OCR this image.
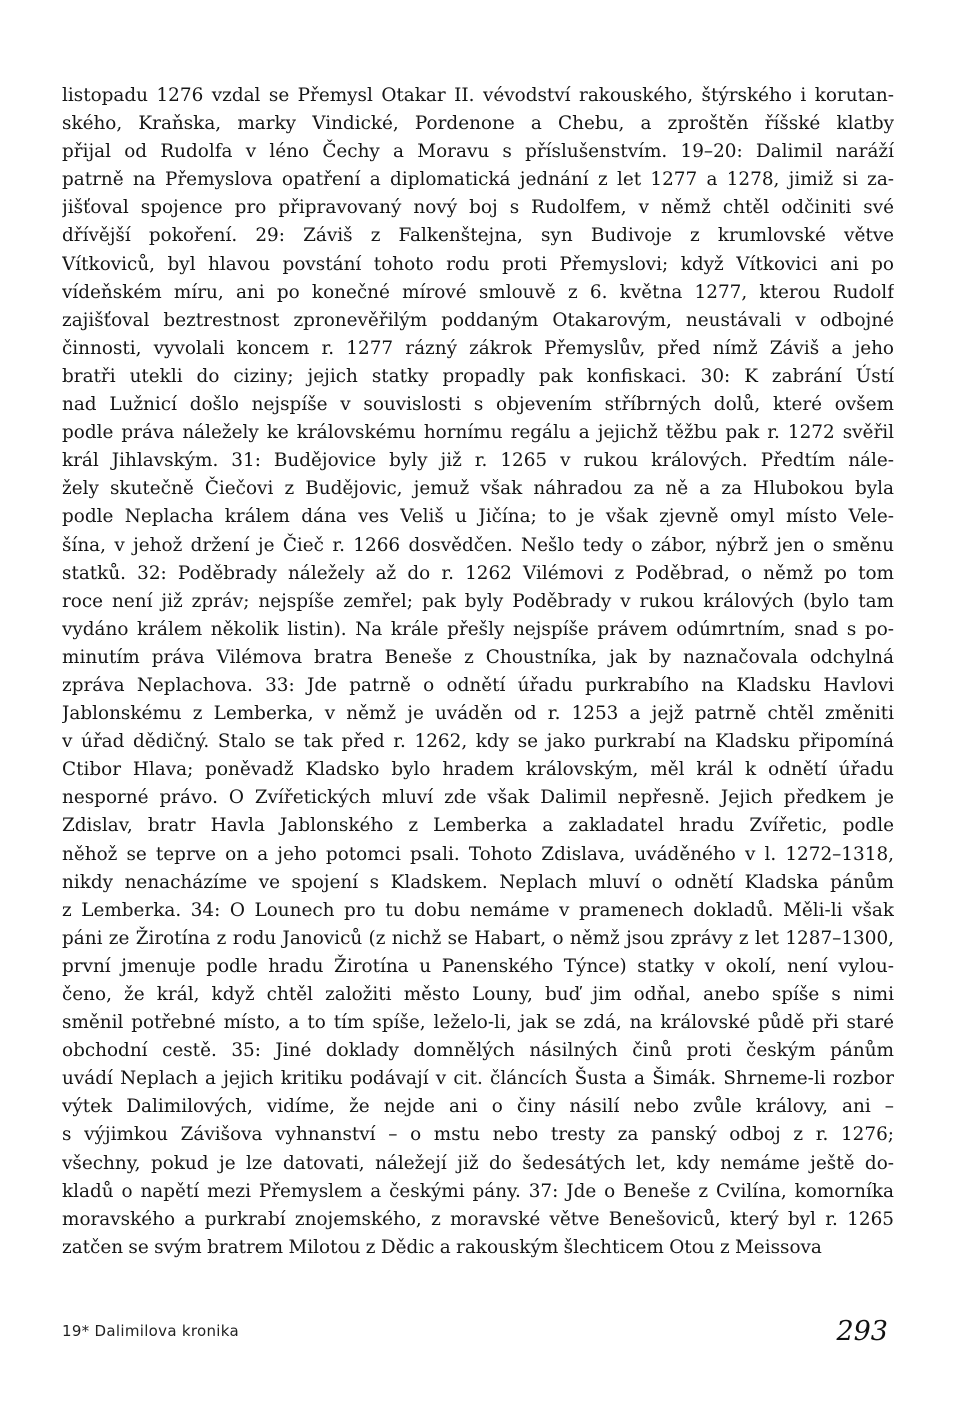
listopadu 1276 vzdal se Přemysl Otakar II. vévodství rakouského, štýrského i korutan-
ského, Kraňska, marky Vindické, Pordenone a Chebu, a zproštěn říšské klatby
přijal od Rudolfa v léno Čechy a Moravu s příslušenstvím. 19–20: Dalimil naráží
patrně na Přemyslova opatření a diplomatická jednání z let 1277 a 1278, jimiž si za-
jišťoval spojence pro připravovaný nový boj s Rudolfem, v němž chtěl odčiniti své
dřívější pokoření. 29: Záviš z Falkenštejna, syn Budivoje z krumlovské větve
Vítkoviců, byl hlavou povstání tohoto rodu proti Přemyslovi; když Vítkovici ani po
vídeňském míru, ani po konečné mírové smlouvě z 6. května 1277, kterou Rudolf
zajišťoval beztrestnost zpronevěřilým poddaným Otakarovým, neustávali v odbojné
činnosti, vyvolali koncem r. 1277 rázný zákrok Přemyslův, před nímž Záviš a jeho
bratři utekli do ciziny; jejich statky propadly pak konfiskaci. 30: K zabrání Ústí
nad Lužnicí došlo nejspíše v souvislosti s objevením stříbrných dolů, které ovšem
podle práva náležely ke královskému hornímu regálu a jejichž těžbu pak r. 1272 svěřil
král Jihlavským. 31: Budějovice byly již r. 1265 v rukou králových. Předtím nále-
žely skutečně Čiečovi z Budějovic, jemuž však náhradou za ně a za Hlubokou byla
podle Neplacha králem dána ves Veliš u Jičína; to je však zjevně omyl místo Vele-
šína, v jehož držení je Čieč r. 1266 dosvědčen. Nešlo tedy o zábor, nýbrž jen o směnu
statků. 32: Poděbrady náležely až do r. 1262 Vilémovi z Poděbrad, o němž po tom
roce není již zpráv; nejspíše zemřel; pak byly Poděbrady v rukou králových (bylo tam
vydáno králem několik listin). Na krále přešly nejspíše právem odúmrtním, snad s po-
minutím práva Vilémova bratra Beneše z Choustníka, jak by naznačovala odchylná
zpráva Neplachova. 33: Jde patrně o odnětí úřadu purkrabího na Kladsku Havlovi
Jablonskému z Lemberka, v němž je uváděn od r. 1253 a jejž patrně chtěl změniti
v úřad dědičný. Stalo se tak před r. 1262, kdy se jako purkrabí na Kladsku připomíná
Ctibor Hlava; poněvadž Kladsko bylo hradem královským, měl král k odnětí úřadu
nesporné právo. O Zvířetických mluví zde však Dalimil nepřesně. Jejich předkem je
Zdislav, bratr Havla Jablonského z Lemberka a zakladatel hradu Zvířetic, podle
něhož se teprve on a jeho potomci psali. Tohoto Zdislava, uváděného v l. 1272–1318,
nikdy nenacházíme ve spojení s Kladskem. Neplach mluví o odnětí Kladska pánům
z Lemberka. 34: O Lounech pro tu dobu nemáme v pramenech dokladů. Měli-li však
páni ze Žirotína z rodu Janoviců (z nichž se Habart, o němž jsou zprávy z let 1287–1300,
první jmenuje podle hradu Žirotína u Panenského Týnce) statky v okolí, není vylou-
čeno, že král, když chtěl založiti město Louny, buď jim odňal, anebo spíše s nimi
směnil potřebné místo, a to tím spíše, leželo-li, jak se zdá, na královské půdě při staré
obchodní cestě. 35: Jiné doklady domnělých násilných činů proti českým pánům
uvádí Neplach a jejich kritiku podávají v cit. článcích Šusta a Šimák. Shrneme-li rozbor
výtek Dalimilových, vidíme, že nejde ani o činy násilí nebo zvůle královy, ani –
s výjimkou Závišova vyhnanství – o mstu nebo tresty za panský odboj z r. 1276;
všechny, pokud je lze datovati, náležejí již do šedesátých let, kdy nemáme ještě do-
kladů o napětí mezi Přemyslem a českými pány. 37: Jde o Beneše z Cvilína, komorníka
moravského a purkrabí znojemského, z moravské větve Benešoviců, který byl r. 1265
zatčen se svým bratrem Milotou z Dědic a rakouským šlechticem Otou z Meissova
19* Dalimilova kronika	293
